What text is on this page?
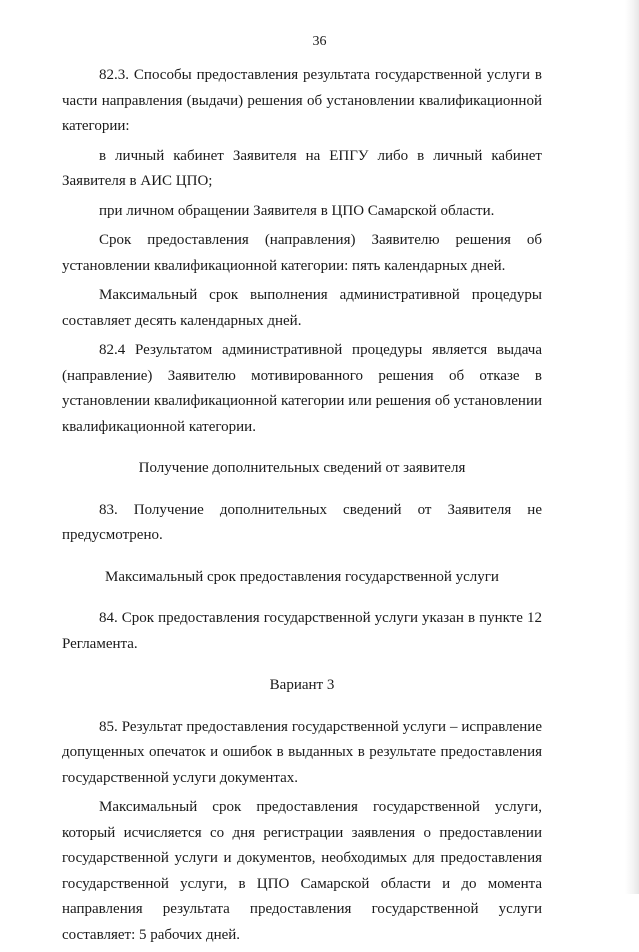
36

82.3. Способы предоставления результата государственной услуги в части направления (выдачи) решения об установлении квалификационной категории:

в личный кабинет Заявителя на ЕПГУ либо в личный кабинет Заявителя в АИС ЦПО;

при личном обращении Заявителя в ЦПО Самарской области.

Срок предоставления (направления) Заявителю решения об установлении квалификационной категории: пять календарных дней.

Максимальный срок выполнения административной процедуры составляет десять календарных дней.

82.4 Результатом административной процедуры является выдача (направление) Заявителю мотивированного решения об отказе в установлении квалификационной категории или решения об установлении квалификационной категории.

Получение дополнительных сведений от заявителя

83. Получение дополнительных сведений от Заявителя не предусмотрено.

Максимальный срок предоставления государственной услуги

84. Срок предоставления государственной услуги указан в пункте 12 Регламента.

Вариант 3

85. Результат предоставления государственной услуги – исправление допущенных опечаток и ошибок в выданных в результате предоставления государственной услуги документах.

Максимальный срок предоставления государственной услуги, который исчисляется со дня регистрации заявления о предоставлении государственной услуги и документов, необходимых для предоставления государственной услуги, в ЦПО Самарской области и до момента направления результата предоставления государственной услуги составляет: 5 рабочих дней.
